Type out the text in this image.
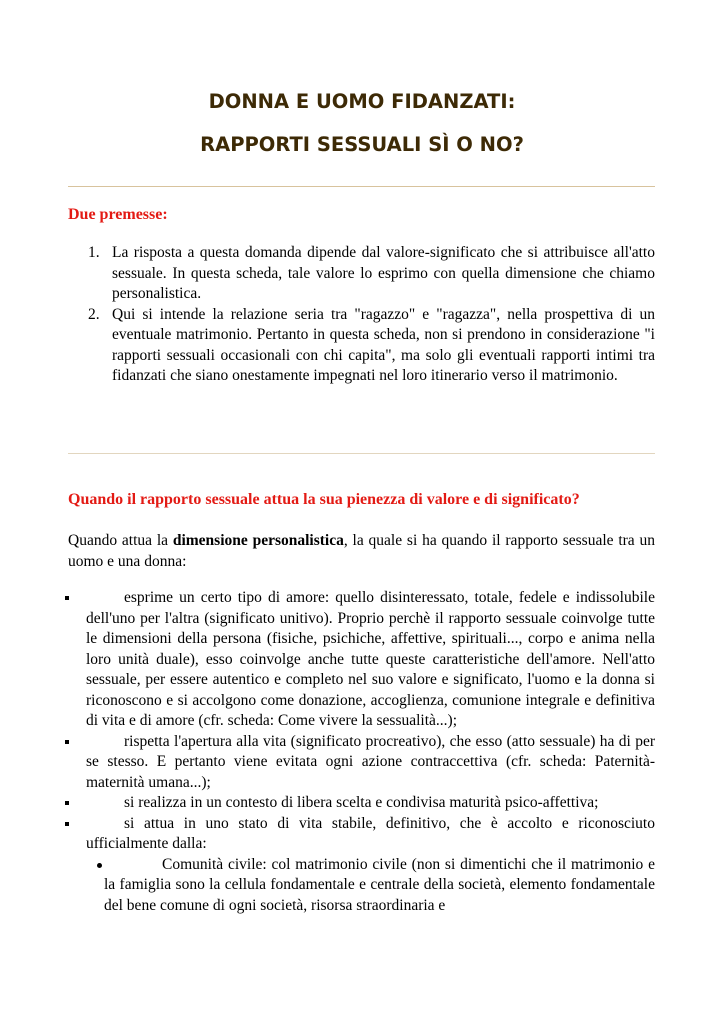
DONNA E UOMO FIDANZATI:
RAPPORTI SESSUALI SÌ O NO?
Due premesse:
1. La risposta a questa domanda dipende dal valore-significato che si attribuisce all'atto sessuale. In questa scheda, tale valore lo esprimo con quella dimensione che chiamo personalistica.
2. Qui si intende la relazione seria tra "ragazzo" e "ragazza", nella prospettiva di un eventuale matrimonio. Pertanto in questa scheda, non si prendono in considerazione "i rapporti sessuali occasionali con chi capita", ma solo gli eventuali rapporti intimi tra fidanzati che siano onestamente impegnati nel loro itinerario verso il matrimonio.
Quando il rapporto sessuale attua la sua pienezza di valore e di significato?
Quando attua la dimensione personalistica, la quale si ha quando il rapporto sessuale tra un uomo e una donna:
esprime un certo tipo di amore: quello disinteressato, totale, fedele e indissolubile dell'uno per l'altra (significato unitivo). Proprio perchè il rapporto sessuale coinvolge tutte le dimensioni della persona (fisiche, psichiche, affettive, spirituali..., corpo e anima nella loro unità duale), esso coinvolge anche tutte queste caratteristiche dell'amore. Nell'atto sessuale, per essere autentico e completo nel suo valore e significato, l'uomo e la donna si riconoscono e si accolgono come donazione, accoglienza, comunione integrale e definitiva di vita e di amore (cfr. scheda: Come vivere la sessualità...);
rispetta l'apertura alla vita (significato procreativo), che esso (atto sessuale) ha di per se stesso. E pertanto viene evitata ogni azione contraccettiva (cfr. scheda: Paternità-maternità umana...);
si realizza in un contesto di libera scelta e condivisa maturità psico-affettiva;
si attua in uno stato di vita stabile, definitivo, che è accolto e riconosciuto ufficialmente dalla:
Comunità civile: col matrimonio civile (non si dimentichi che il matrimonio e la famiglia sono la cellula fondamentale e centrale della società, elemento fondamentale del bene comune di ogni società, risorsa straordinaria e
